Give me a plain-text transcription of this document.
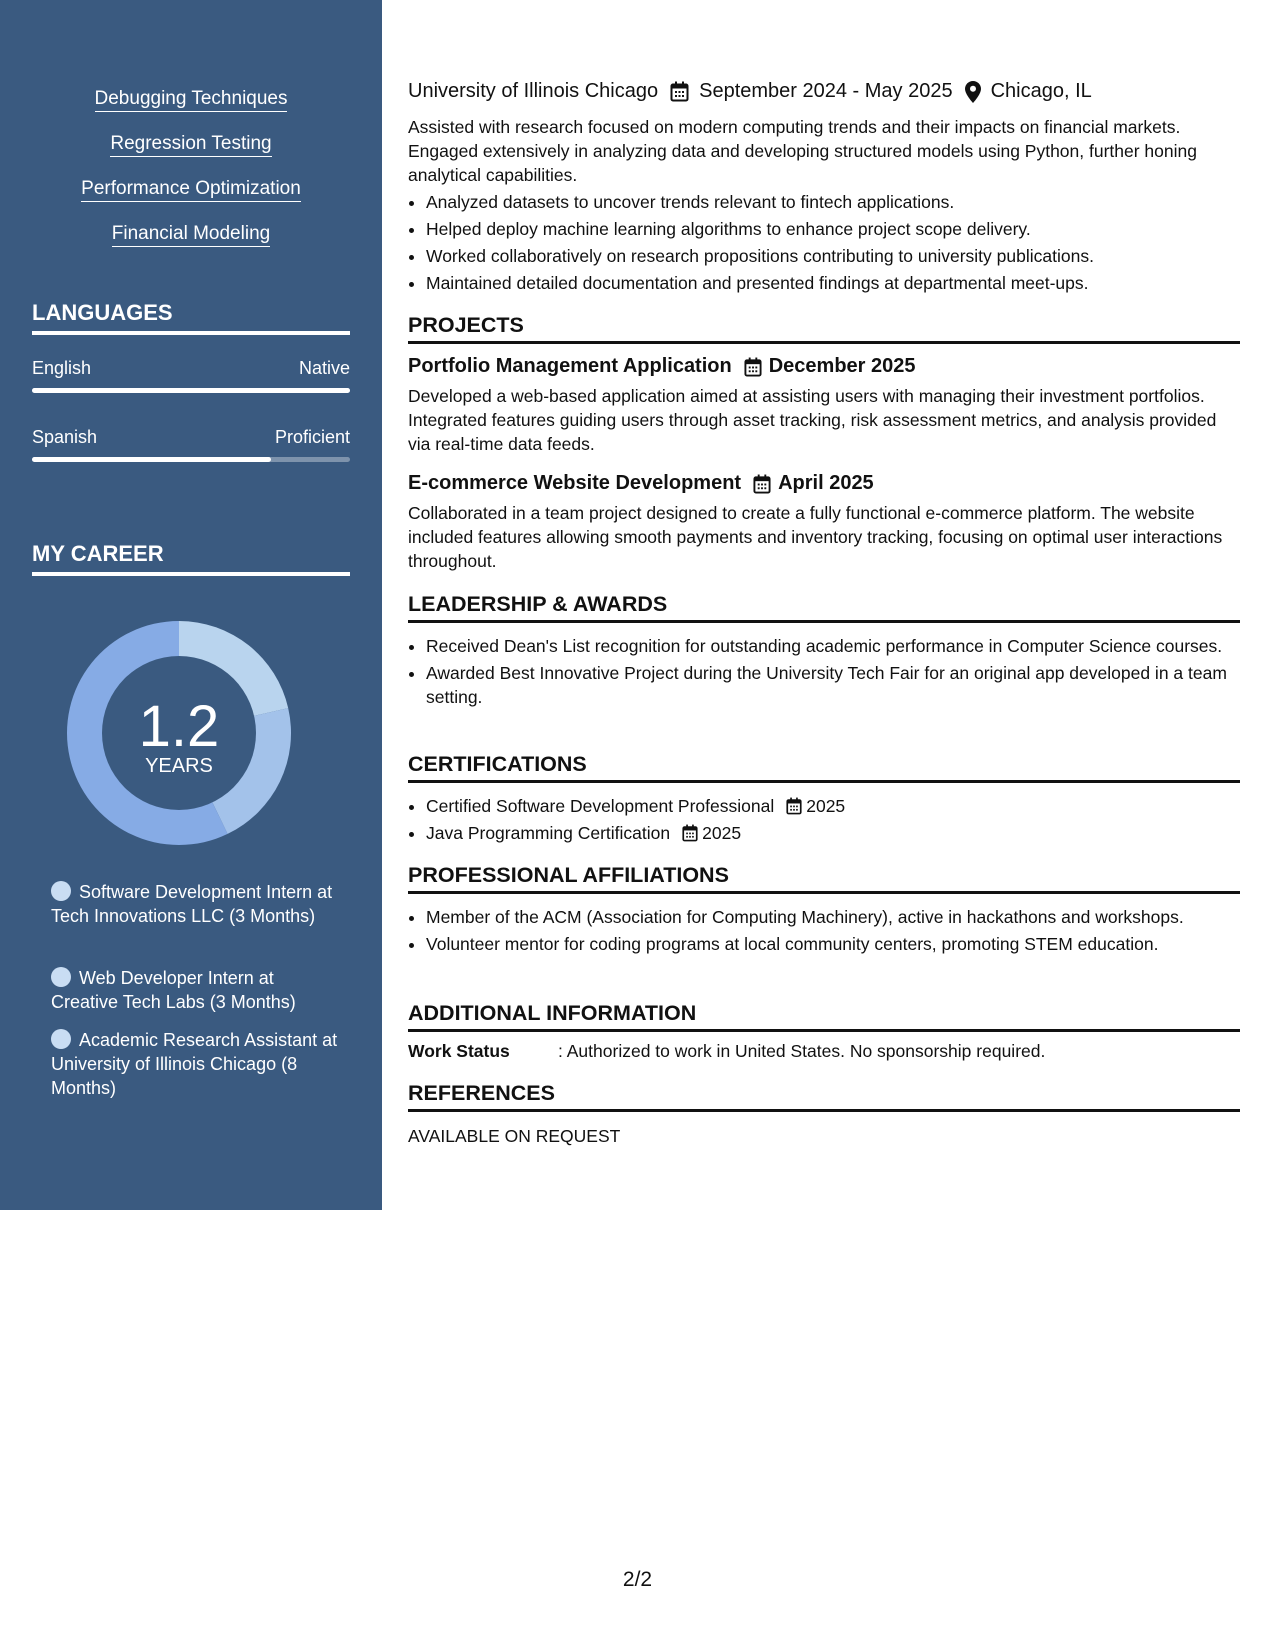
Debugging Techniques
Regression Testing
Performance Optimization
Financial Modeling
LANGUAGES
English	Native
Spanish	Proficient
MY CAREER
1.2
YEARS
Software Development Intern at Tech Innovations LLC (3 Months)
Web Developer Intern at Creative Tech Labs (3 Months)
Academic Research Assistant at University of Illinois Chicago (8 Months)
University of Illinois Chicago September 2024 - May 2025 Chicago, IL
Assisted with research focused on modern computing trends and their impacts on financial markets. Engaged extensively in analyzing data and developing structured models using Python, further honing analytical capabilities.
• Analyzed datasets to uncover trends relevant to fintech applications.
• Helped deploy machine learning algorithms to enhance project scope delivery.
• Worked collaboratively on research propositions contributing to university publications.
• Maintained detailed documentation and presented findings at departmental meet-ups.
PROJECTS
Portfolio Management Application December 2025
Developed a web-based application aimed at assisting users with managing their investment portfolios. Integrated features guiding users through asset tracking, risk assessment metrics, and analysis provided via real-time data feeds.
E-commerce Website Development April 2025
Collaborated in a team project designed to create a fully functional e-commerce platform. The website included features allowing smooth payments and inventory tracking, focusing on optimal user interactions throughout.
LEADERSHIP & AWARDS
• Received Dean's List recognition for outstanding academic performance in Computer Science courses.
• Awarded Best Innovative Project during the University Tech Fair for an original app developed in a team setting.
CERTIFICATIONS
• Certified Software Development Professional 2025
• Java Programming Certification 2025
PROFESSIONAL AFFILIATIONS
• Member of the ACM (Association for Computing Machinery), active in hackathons and workshops.
• Volunteer mentor for coding programs at local community centers, promoting STEM education.
ADDITIONAL INFORMATION
Work Status	: Authorized to work in United States. No sponsorship required.
REFERENCES
AVAILABLE ON REQUEST
2/2
